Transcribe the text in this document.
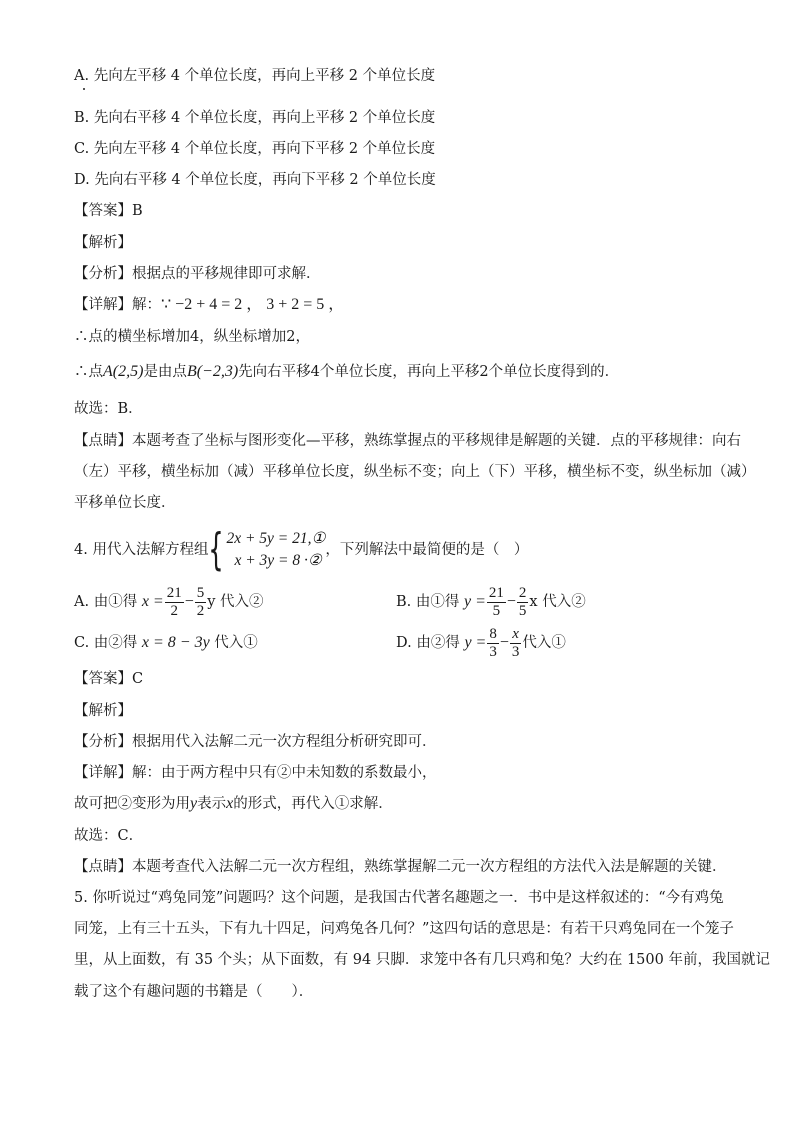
A. 先向左平移 4 个单位长度，再向上平移 2 个单位长度
B. 先向右平移 4 个单位长度，再向上平移 2 个单位长度
C. 先向左平移 4 个单位长度，再向下平移 2 个单位长度
D. 先向右平移 4 个单位长度，再向下平移 2 个单位长度
【答案】B
【解析】
【分析】根据点的平移规律即可求解．
【详解】解：∵ −2 + 4 = 2 ， 3 + 2 = 5 ，
∴点的横坐标增加4，纵坐标增加2，
∴点A(2,5)是由点B(−2,3)先向右平移4个单位长度，再向上平移2个单位长度得到的．
故选：B．
【点睛】本题考查了坐标与图形变化—平移，熟练掌握点的平移规律是解题的关键．点的平移规律：向右
（左）平移，横坐标加（减）平移单位长度，纵坐标不变；向上（下）平移，横坐标不变，纵坐标加（减）
平移单位长度．
4. 用代入法解方程组{ 2x + 5y = 21,①
x + 3y = 8 ·②
，下列解法中最简便的是（　）
A. 由①得 $x = \frac{21}{2} - \frac{5}{2}$ y 代入②	B. 由①得 $y = \frac{21}{5} - \frac{2}{5}$ x 代入②
C. 由②得 x = 8 − 3y 代入①	D. 由②得 $y = \frac{8}{3} - \frac{x}{3}$ 代入①
【答案】C
【解析】
【分析】根据用代入法解二元一次方程组分析研究即可．
【详解】解：由于两方程中只有②中未知数的系数最小，
故可把②变形为用y表示x的形式，再代入①求解．
故选：C．
【点睛】本题考查代入法解二元一次方程组，熟练掌握解二元一次方程组的方法代入法是解题的关键．
5. 你听说过“鸡兔同笼”问题吗？这个问题，是我国古代著名趣题之一．书中是这样叙述的：“今有鸡兔
同笼，上有三十五头，下有九十四足，问鸡兔各几何？”这四句话的意思是：有若干只鸡兔同在一个笼子
里，从上面数，有 35 个头；从下面数，有 94 只脚．求笼中各有几只鸡和兔？大约在 1500 年前，我国就记
载了这个有趣问题的书籍是（　　）．
